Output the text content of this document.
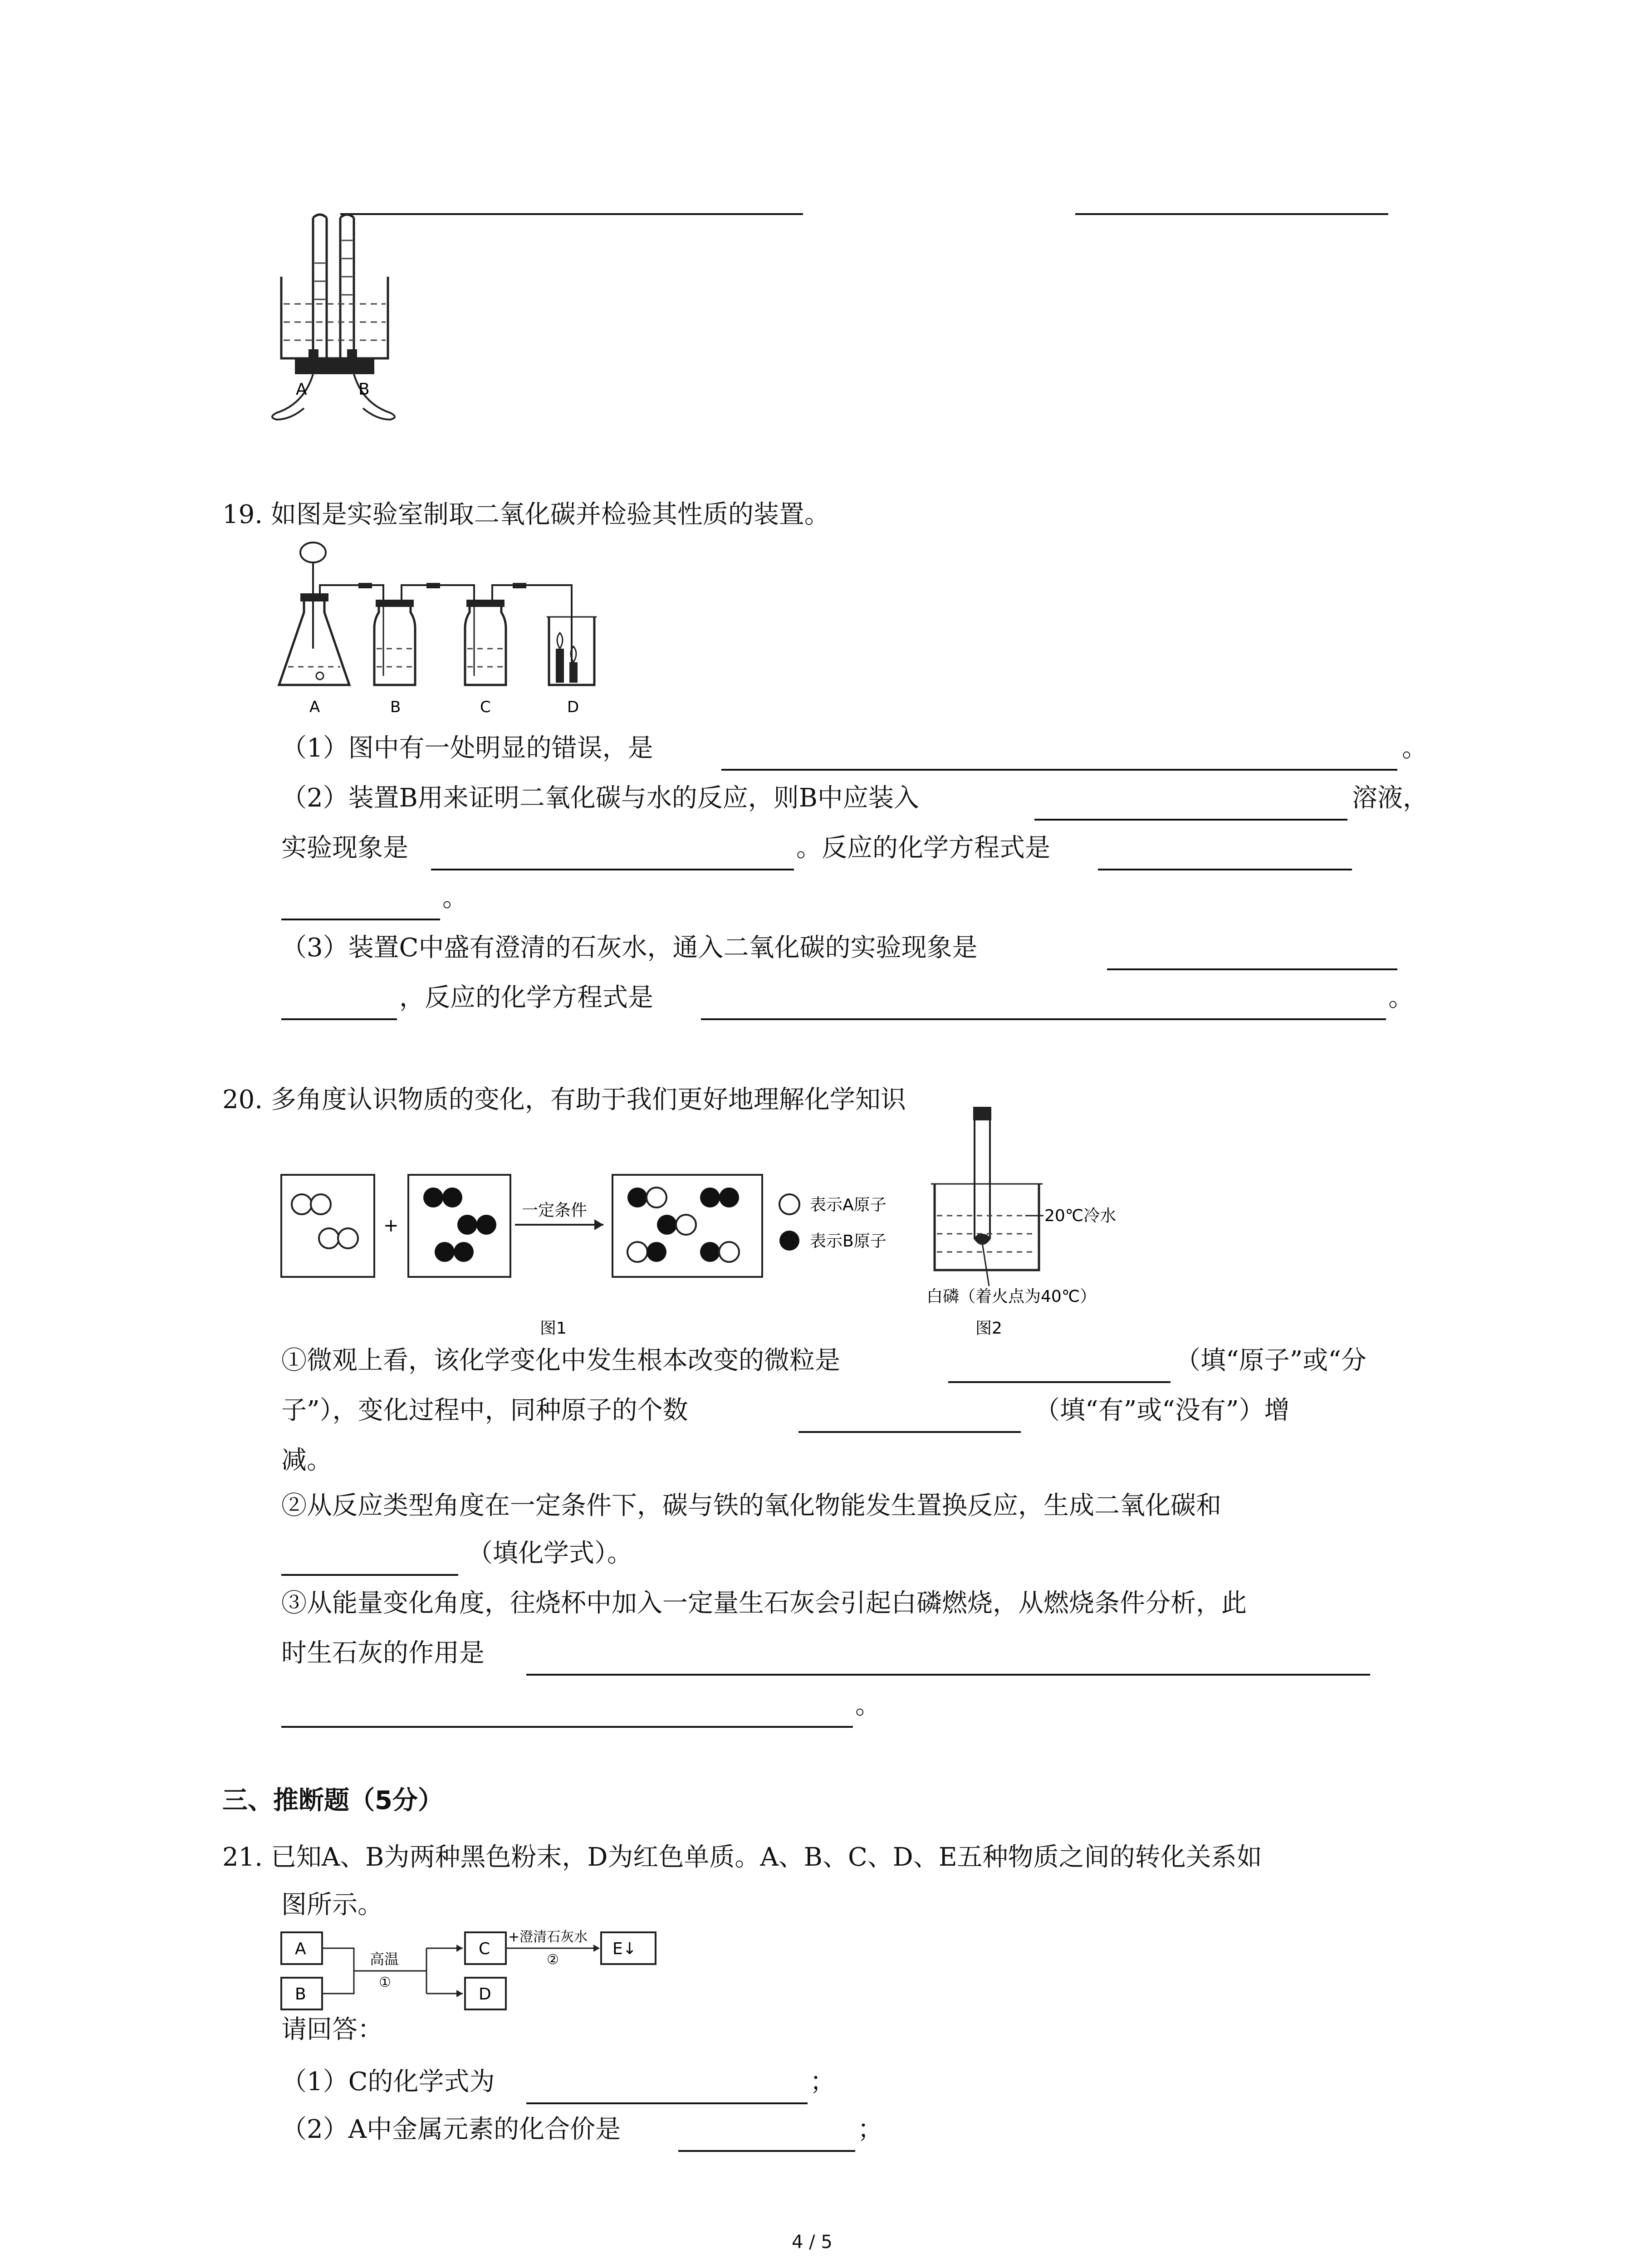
A	B
19. 如图是实验室制取二氧化碳并检验其性质的装置。
A	B	C	D
（1）图中有一处明显的错误，是	。
（2）装置B用来证明二氧化碳与水的反应，则B中应装入	溶液，
实验现象是	。反应的化学方程式是
。
（3）装置C中盛有澄清的石灰水，通入二氧化碳的实验现象是
，反应的化学方程式是	。
20. 多角度认识物质的变化，有助于我们更好地理解化学知识
+
一定条件	表示A原子
表示B原子
图1
20℃冷水
白磷（着火点为40℃）
图2
①微观上看，该化学变化中发生根本改变的微粒是	（填“原子”或“分
子”），变化过程中，同种原子的个数	（填“有”或“没有”）增
减。
②从反应类型角度在一定条件下，碳与铁的氧化物能发生置换反应，生成二氧化碳和
（填化学式）。
③从能量变化角度，往烧杯中加入一定量生石灰会引起白磷燃烧，从燃烧条件分析，此
时生石灰的作用是
。
三、推断题（5分）
21. 已知A、B为两种黑色粉末，D为红色单质。A、B、C、D、E五种物质之间的转化关系如
图所示。
A
B
高温
①
C
D
+澄清石灰水
②
E↓
请回答：
（1）C的化学式为	；
（2）A中金属元素的化合价是	；
4 / 5
